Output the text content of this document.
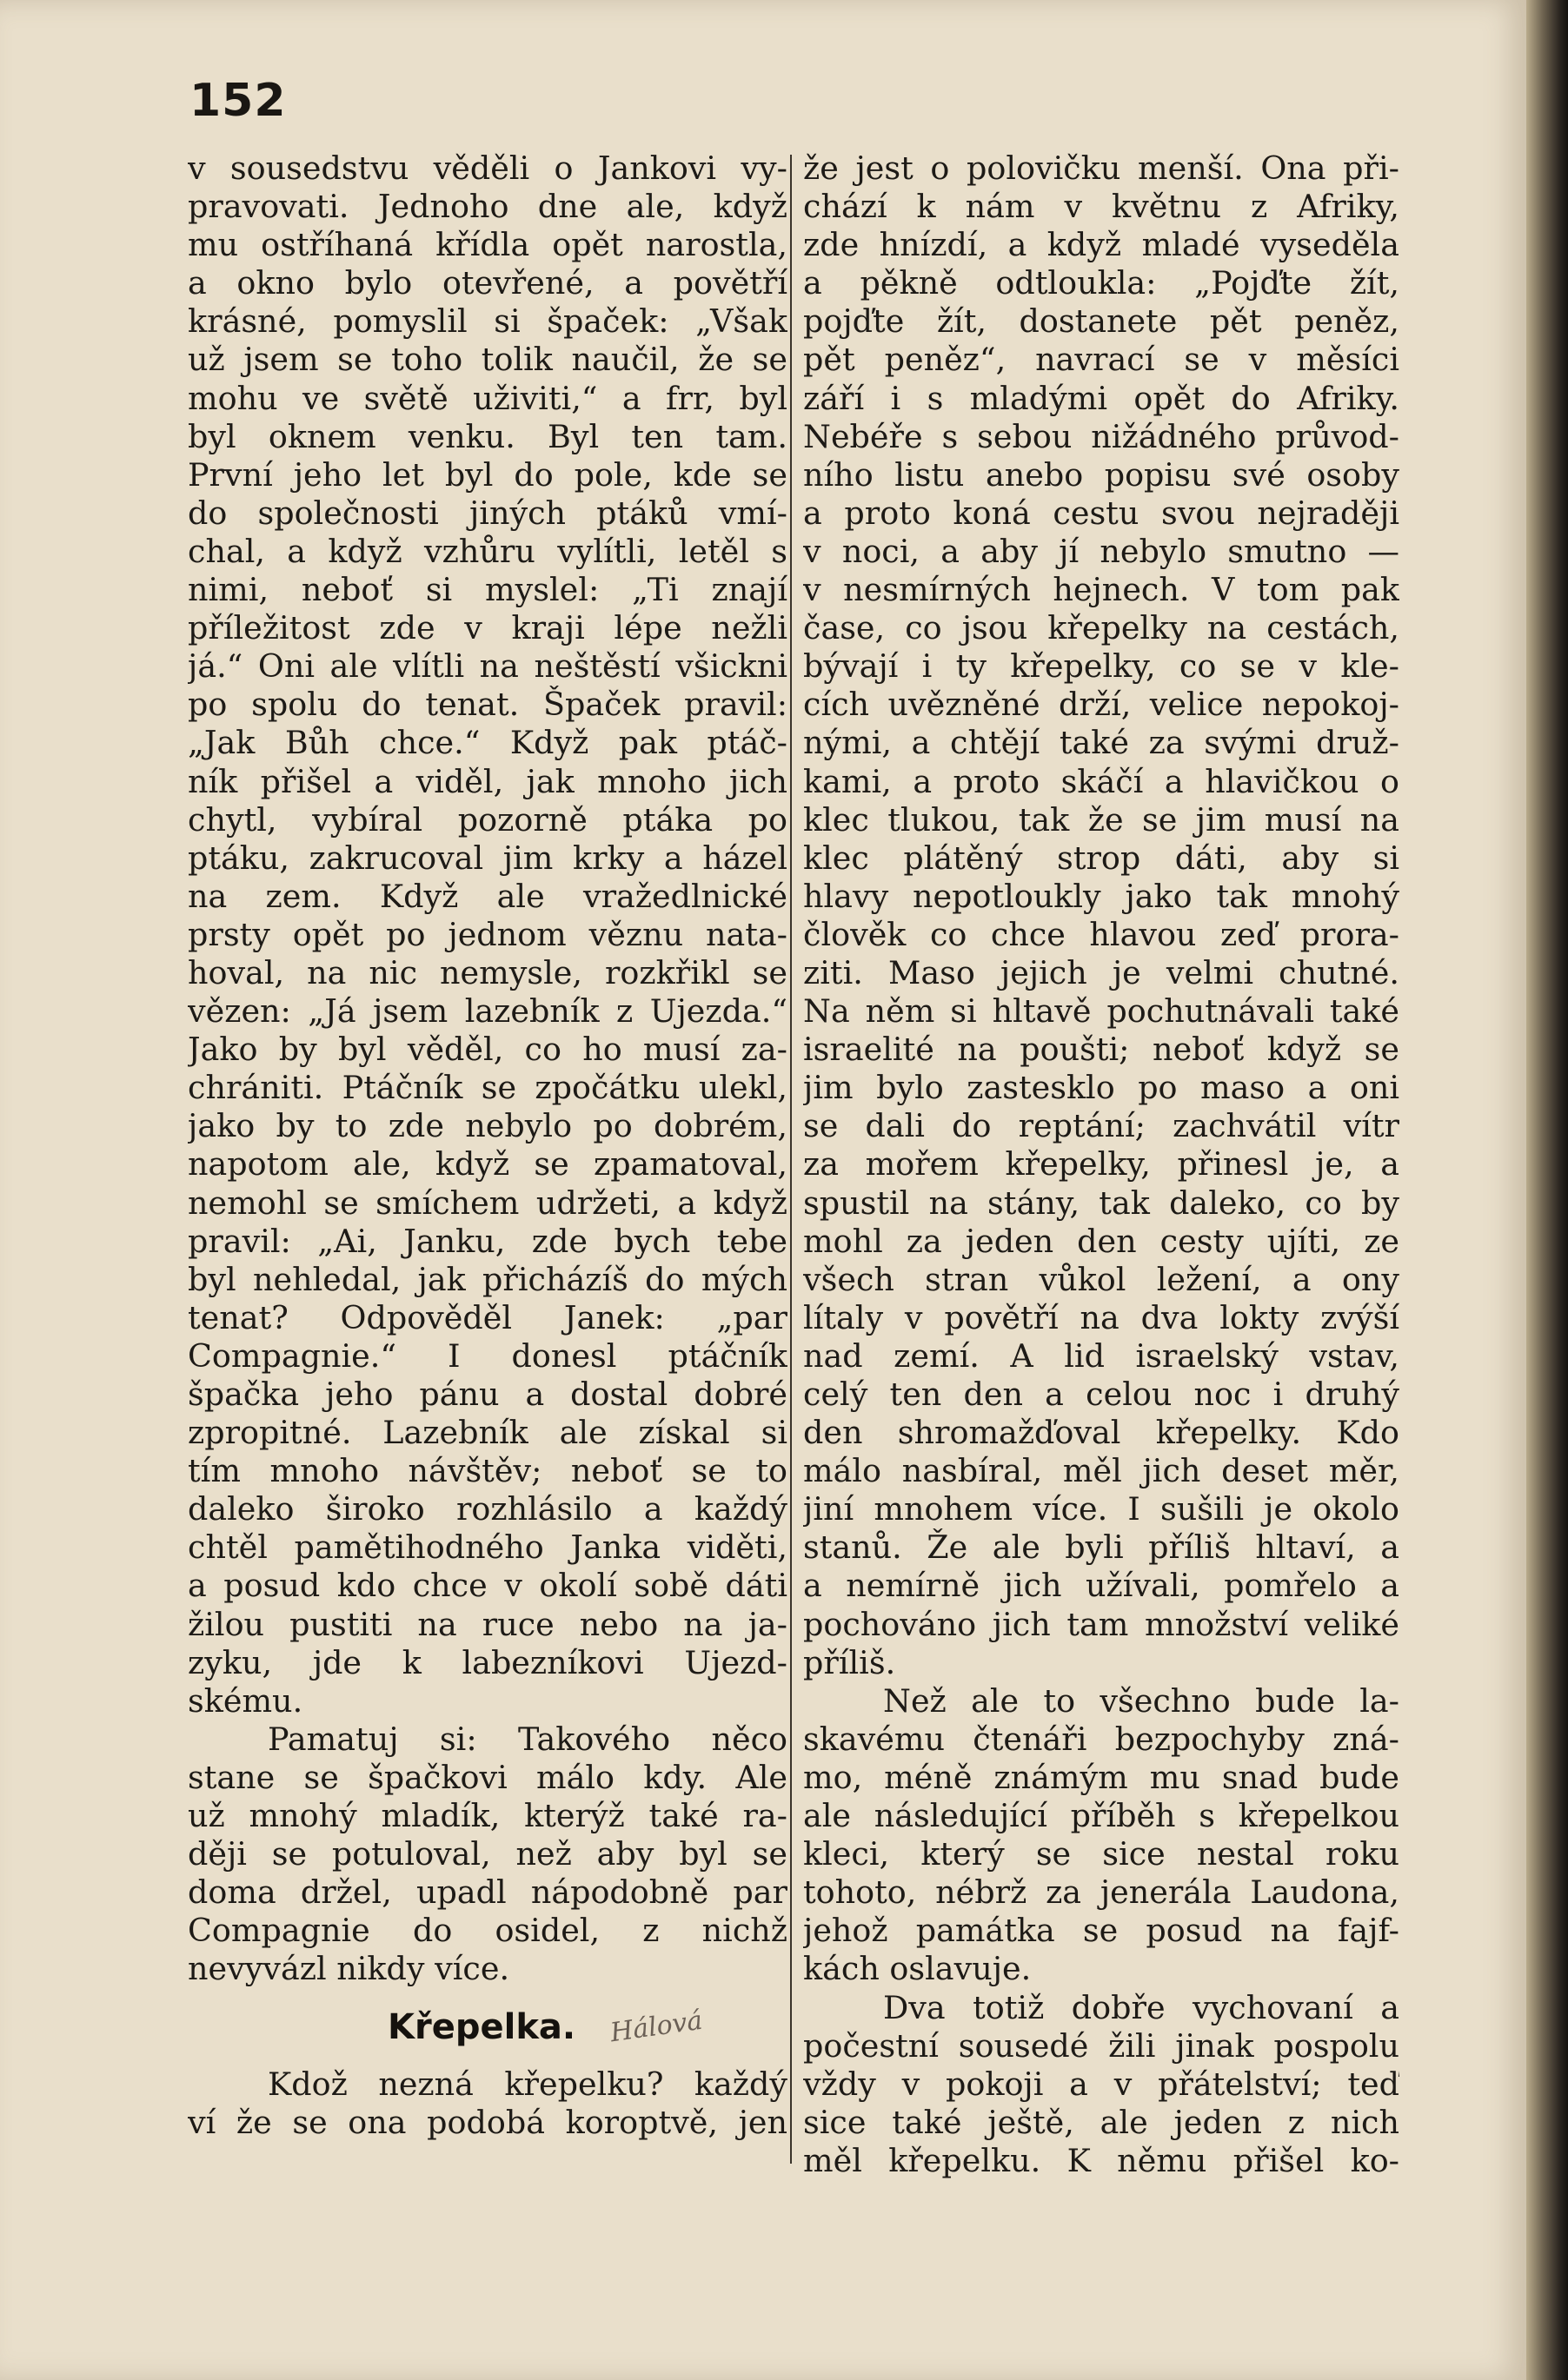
152
v sousedstvu věděli o Jankovi vy-
pravovati. Jednoho dne ale, když
mu ostříhaná křídla opět narostla,
a okno bylo otevřené, a povětří
krásné, pomyslil si špaček: „Však
už jsem se toho tolik naučil, že se
mohu ve světě uživiti,“ a frr, byl
byl oknem venku. Byl ten tam.
První jeho let byl do pole, kde se
do společnosti jiných ptáků vmí-
chal, a když vzhůru vylítli, letěl s
nimi, neboť si myslel: „Ti znají
příležitost zde v kraji lépe nežli
já.“ Oni ale vlítli na neštěstí všickni
po spolu do tenat. Špaček pravil:
„Jak Bůh chce.“ Když pak ptáč-
ník přišel a viděl, jak mnoho jich
chytl, vybíral pozorně ptáka po
ptáku, zakrucoval jim krky a házel
na zem. Když ale vražedlnické
prsty opět po jednom věznu nata-
hoval, na nic nemysle, rozkřikl se
vězen: „Já jsem lazebník z Ujezda.“
Jako by byl věděl, co ho musí za-
chrániti. Ptáčník se zpočátku ulekl,
jako by to zde nebylo po dobrém,
napotom ale, když se zpamatoval,
nemohl se smíchem udržeti, a když
pravil: „Ai, Janku, zde bych tebe
byl nehledal, jak přicházíš do mých
tenat? Odpověděl Janek: „par
Compagnie.“ I donesl ptáčník
špačka jeho pánu a dostal dobré
zpropitné. Lazebník ale získal si
tím mnoho návštěv; neboť se to
daleko široko rozhlásilo a každý
chtěl pamětihodného Janka viděti,
a posud kdo chce v okolí sobě dáti
žilou pustiti na ruce nebo na ja-
zyku, jde k labezníkovi Ujezd-
skému.
Pamatuj si: Takového něco
stane se špačkovi málo kdy. Ale
už mnohý mladík, kterýž také ra-
ději se potuloval, než aby byl se
doma držel, upadl nápodobně par
Compagnie do osidel, z nichž
nevyvázl nikdy více.
Křepelka. Hálová
Kdož nezná křepelku? každý
ví že se ona podobá koroptvě, jen
že jest o polovičku menší. Ona při-
chází k nám v květnu z Afriky,
zde hnízdí, a když mladé vyseděla
a pěkně odtloukla: „Pojďte žít,
pojďte žít, dostanete pět peněz,
pět peněz“, navrací se v měsíci
září i s mladými opět do Afriky.
Nebéře s sebou nižádného průvod-
ního listu anebo popisu své osoby
a proto koná cestu svou nejraději
v noci, a aby jí nebylo smutno —
v nesmírných hejnech. V tom pak
čase, co jsou křepelky na cestách,
bývají i ty křepelky, co se v kle-
cích uvězněné drží, velice nepokoj-
nými, a chtějí také za svými druž-
kami, a proto skáčí a hlavičkou o
klec tlukou, tak že se jim musí na
klec plátěný strop dáti, aby si
hlavy nepotloukly jako tak mnohý
člověk co chce hlavou zeď prora-
ziti. Maso jejich je velmi chutné.
Na něm si hltavě pochutnávali také
israelité na poušti; neboť když se
jim bylo zastesklo po maso a oni
se dali do reptání; zachvátil vítr
za mořem křepelky, přinesl je, a
spustil na stány, tak daleko, co by
mohl za jeden den cesty ujíti, ze
všech stran vůkol ležení, a ony
lítaly v povětří na dva lokty zvýší
nad zemí. A lid israelský vstav,
celý ten den a celou noc i druhý
den shromažďoval křepelky. Kdo
málo nasbíral, měl jich deset měr,
jiní mnohem více. I sušili je okolo
stanů. Že ale byli příliš hltaví, a
a nemírně jich užívali, pomřelo a
pochováno jich tam množství veliké
příliš.
Než ale to všechno bude la-
skavému čtenáři bezpochyby zná-
mo, méně známým mu snad bude
ale následující příběh s křepelkou
kleci, který se sice nestal roku
tohoto, nébrž za jenerála Laudona,
jehož památka se posud na fajf-
kách oslavuje.
Dva totiž dobře vychovaní a
počestní sousedé žili jinak pospolu
vždy v pokoji a v přátelství; teď
sice také ještě, ale jeden z nich
měl křepelku. K němu přišel ko-
